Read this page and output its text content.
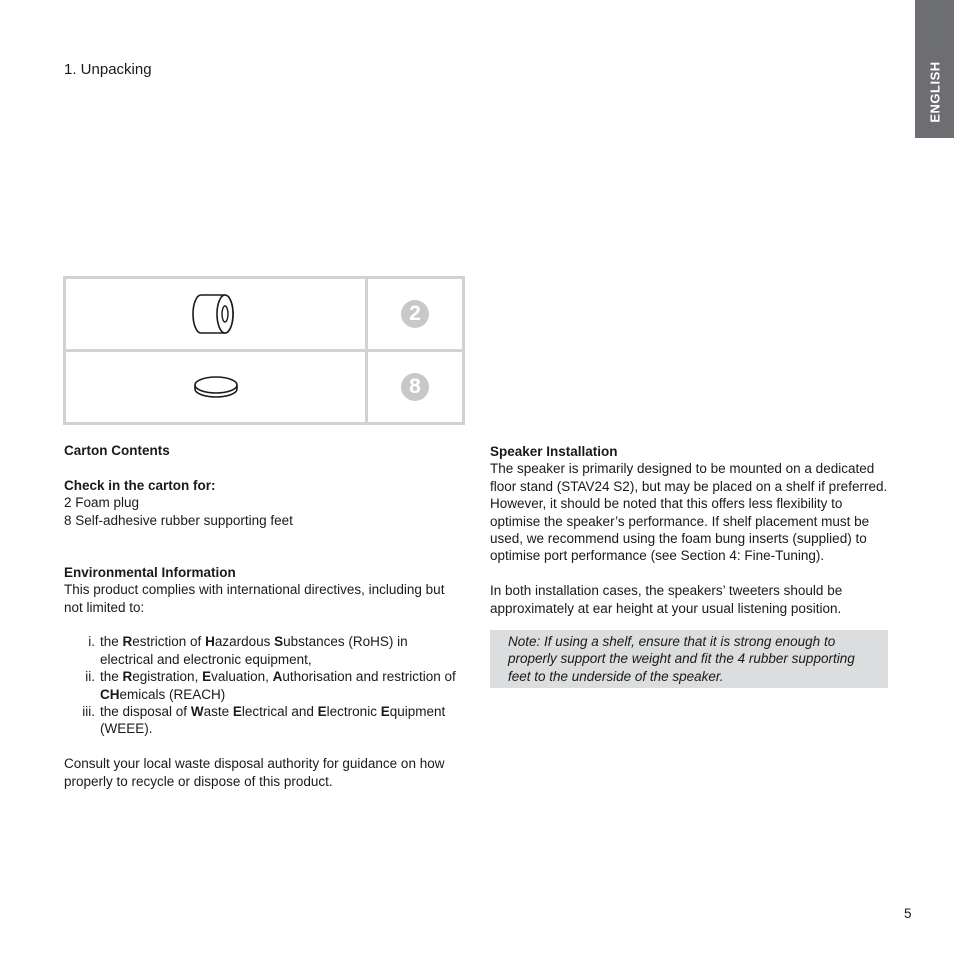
ENGLISH
1. Unpacking
2
8

Carton Contents

Check in the carton for:

2 Foam plug

8 Self-adhesive rubber supporting feet

Environmental Information

This product complies with international directives, including but not limited to:

i. the Restriction of Hazardous Substances (RoHS) in electrical and electronic equipment,
ii. the Registration, Evaluation, Authorisation and restriction of CHemicals (REACH)
iii. the disposal of Waste Electrical and Electronic Equipment (WEEE).

Consult your local waste disposal authority for guidance on how properly to recycle or dispose of this product.

Speaker Installation

The speaker is primarily designed to be mounted on a dedicated floor stand (STAV24 S2), but may be placed on a shelf if preferred. However, it should be noted that this offers less flexibility to optimise the speaker’s performance. If shelf placement must be used, we recommend using the foam bung inserts (supplied) to optimise port performance (see Section 4: Fine-Tuning).

In both installation cases, the speakers’ tweeters should be approximately at ear height at your usual listening position.

Note: If using a shelf, ensure that it is strong enough to properly support the weight and fit the 4 rubber supporting feet to the underside of the speaker.
5
